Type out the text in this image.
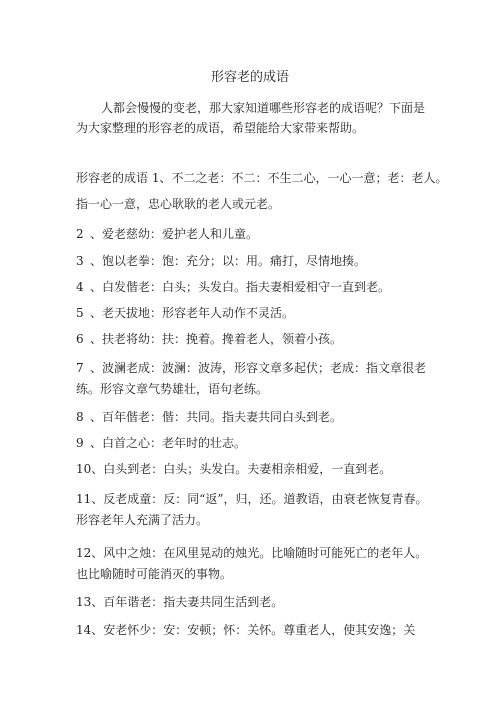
形容老的成语

人都会慢慢的变老，那大家知道哪些形容老的成语呢？下面是

为大家整理的形容老的成语，希望能给大家带来帮助。

形容老的成语 1、不二之老：不二：不生二心，一心一意；老：老人。
指一心一意，忠心耿耿的老人或元老。
2 、爱老慈幼：爱护老人和儿童。
3 、饱以老拳：饱：充分；以：用。痛打，尽情地揍。
4 、白发偕老：白头；头发白。指夫妻相爱相守一直到老。
5 、老天拔地：形容老年人动作不灵活。
6 、扶老将幼：扶：挽着。搀着老人，领着小孩。
7 、波澜老成：波澜：波涛，形容文章多起伏；老成：指文章很老
练。形容文章气势雄壮，语句老练。
8 、百年偕老：偕：共同。指夫妻共同白头到老。
9 、白首之心：老年时的壮志。
10、白头到老：白头；头发白。夫妻相亲相爱，一直到老。
11、反老成童：反：同“返”，归，还。道教语，由衰老恢复青春。
形容老年人充满了活力。
12、风中之烛：在风里晃动的烛光。比喻随时可能死亡的老年人。
也比喻随时可能消灭的事物。
13、百年谐老：指夫妻共同生活到老。
14、安老怀少：安：安顿；怀：关怀。尊重老人，使其安逸；关
